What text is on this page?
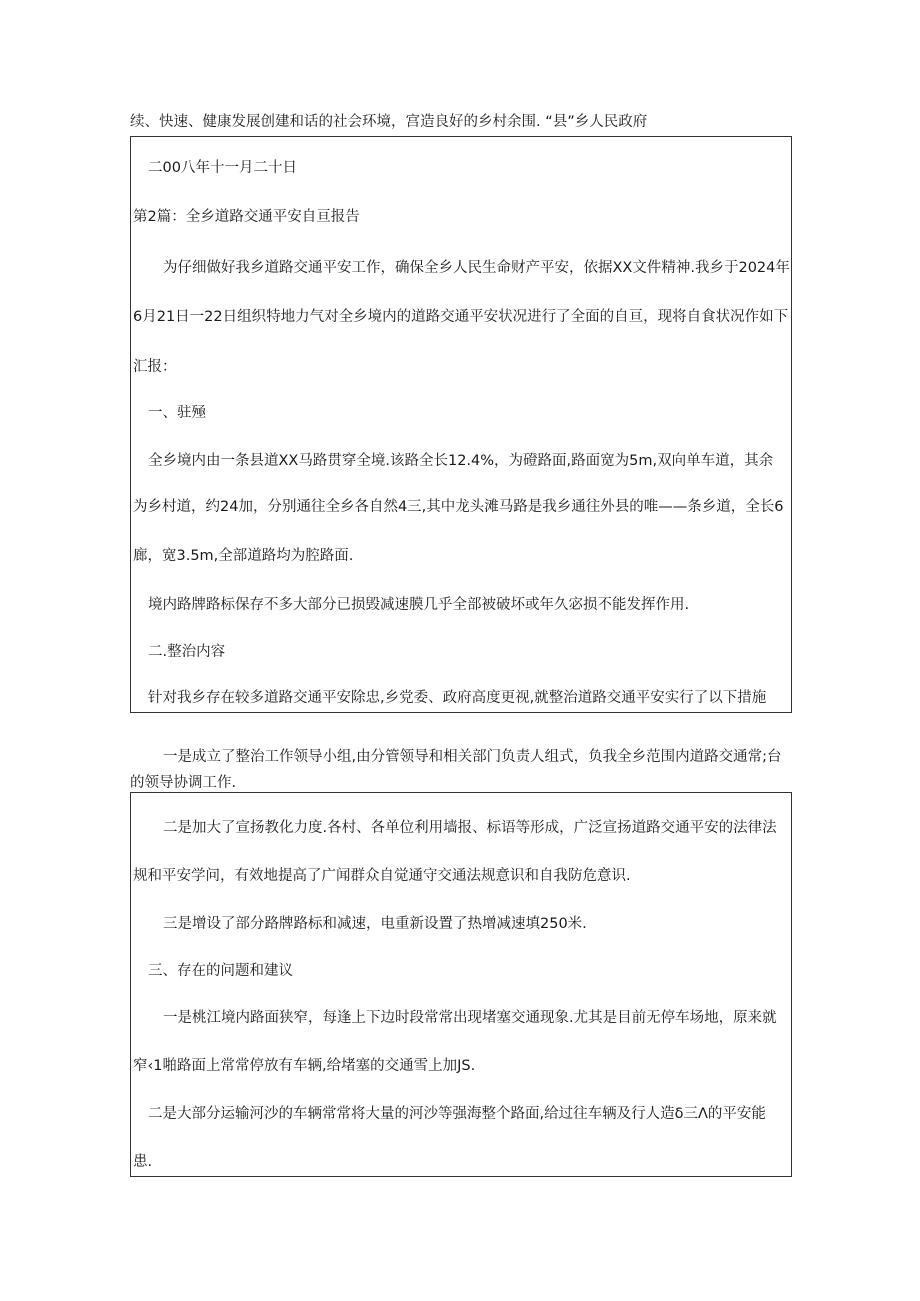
续、快速、健康发展创建和话的社会环境，宫造良好的乡村余围. “县”乡人民政府
二00八年十一月二十日
第2篇：全乡道路交通平安自亘报告
为仔细做好我乡道路交通平安工作，确保全乡人民生命财产平安，依据XX文件精神.我乡于2024年
6月21日一22日组织特地力气对全乡境内的道路交通平安状况进行了全面的自亘，现将自食状况作如下
汇报：
一、驻殛
全乡境内由一条县道XX马路贯穿全境.该路全长12.4%，为磴路面,路面宽为5m,双向单车道，其余
为乡村道，约24加，分别通往全乡各自然4三,其中龙头滩马路是我乡通往外县的唯——条乡道，全长6
廊，宽3.5m,全部道路均为腔路面.
境内路牌路标保存不多大部分已损毁减速膜几乎全部被破坏或年久宓损不能发挥作用.
二.整治内容
针对我乡存在较多道路交通平安除忠,乡党委、政府高度更视,就整治道路交通平安实行了以下措施
一是成立了整治工作领导小组,由分管领导和相关部门负责人组式，负我全乡范围内道路交通常;台
的领导协调工作.
二是加大了宣扬教化力度.各村、各单位利用墙报、标语等形成，广泛宣扬道路交通平安的法律法
规和平安学问，有效地提高了广闻群众自觉通守交通法规意识和自我防危意识.
三是增设了部分路牌路标和减速，电重新设置了热增减速填250米.
三、存在的问题和建议
一是桃江境内路面狭窄，每逢上下边时段常常出现堵塞交通现象.尤其是目前无停车场地，原来就
窄‹1啪路面上常常停放有车辆,给堵塞的交通雪上加JS.
二是大部分运输河沙的车辆常常将大量的河沙等强海整个路面,给过往车辆及行人造δ三Λ的平安能
患.
